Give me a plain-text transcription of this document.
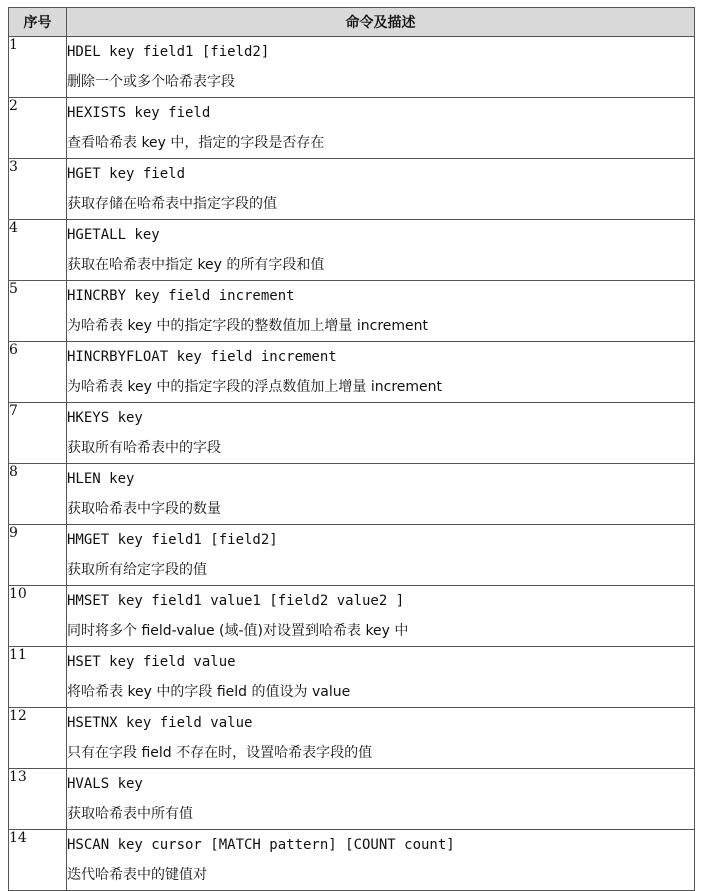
序号	命令及描述
1	HDEL key field1 [field2]
删除一个或多个哈希表字段

2	HEXISTS key field
查看哈希表 key 中，指定的字段是否存在

3	HGET key field
获取存储在哈希表中指定字段的值

4	HGETALL key
获取在哈希表中指定 key 的所有字段和值

5	HINCRBY key field increment
为哈希表 key 中的指定字段的整数值加上增量 increment

6	HINCRBYFLOAT key field increment
为哈希表 key 中的指定字段的浮点数值加上增量 increment

7	HKEYS key
获取所有哈希表中的字段

8	HLEN key
获取哈希表中字段的数量

9	HMGET key field1 [field2]
获取所有给定字段的值

10	HMSET key field1 value1 [field2 value2 ]
同时将多个 field-value (域-值)对设置到哈希表 key 中

11	HSET key field value
将哈希表 key 中的字段 field 的值设为 value

12	HSETNX key field value
只有在字段 field 不存在时，设置哈希表字段的值

13	HVALS key
获取哈希表中所有值

14	HSCAN key cursor [MATCH pattern] [COUNT count]
迭代哈希表中的键值对
